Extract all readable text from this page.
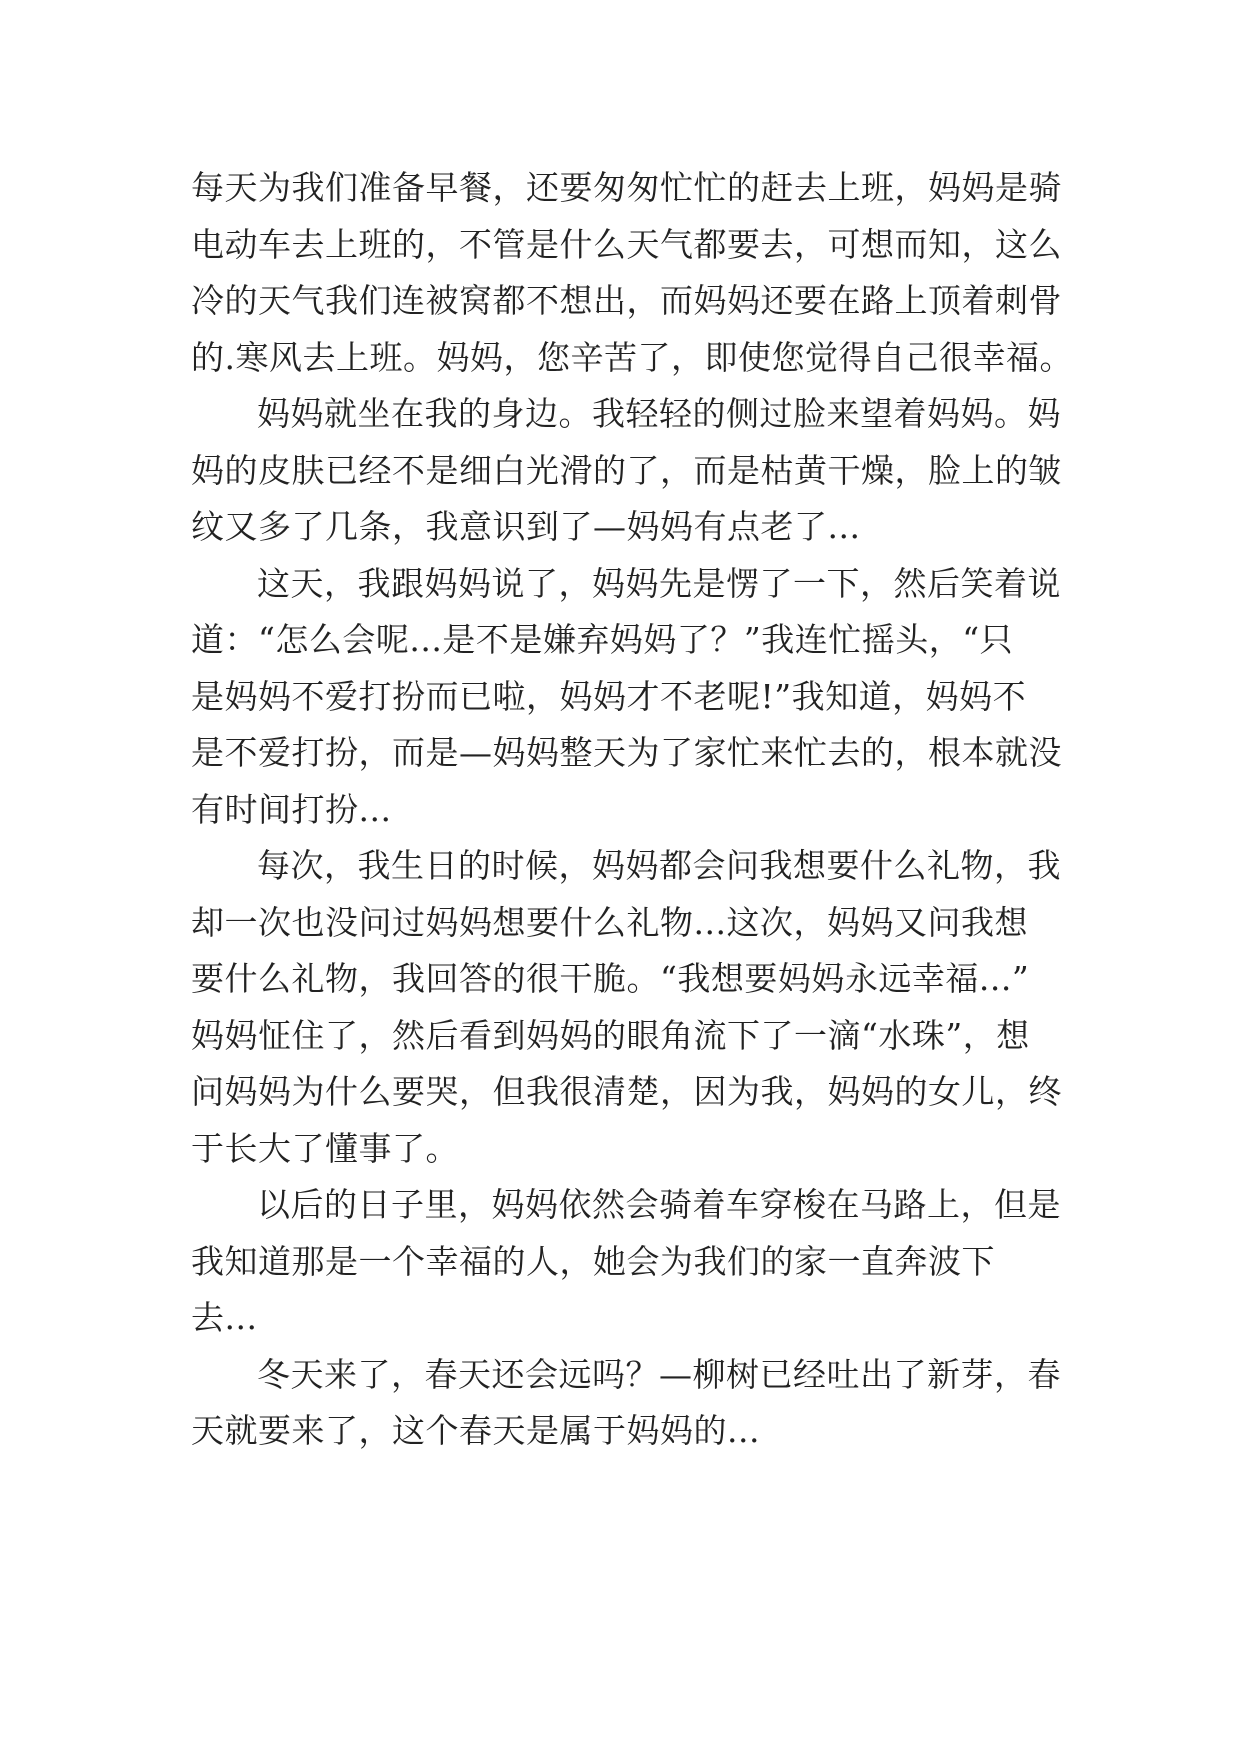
每天为我们准备早餐，还要匆匆忙忙的赶去上班，妈妈是骑
电动车去上班的，不管是什么天气都要去，可想而知，这么
冷的天气我们连被窝都不想出，而妈妈还要在路上顶着刺骨
的.寒风去上班。妈妈，您辛苦了，即使您觉得自己很幸福。
妈妈就坐在我的身边。我轻轻的侧过脸来望着妈妈。妈
妈的皮肤已经不是细白光滑的了，而是枯黄干燥，脸上的皱
纹又多了几条，我意识到了—妈妈有点老了...
这天，我跟妈妈说了，妈妈先是愣了一下，然后笑着说
道：“怎么会呢...是不是嫌弃妈妈了？”我连忙摇头，“只
是妈妈不爱打扮而已啦，妈妈才不老呢!”我知道，妈妈不
是不爱打扮，而是—妈妈整天为了家忙来忙去的，根本就没
有时间打扮...
每次，我生日的时候，妈妈都会问我想要什么礼物，我
却一次也没问过妈妈想要什么礼物...这次，妈妈又问我想
要什么礼物，我回答的很干脆。“我想要妈妈永远幸福...”
妈妈怔住了，然后看到妈妈的眼角流下了一滴“水珠”，想
问妈妈为什么要哭，但我很清楚，因为我，妈妈的女儿，终
于长大了懂事了。
以后的日子里，妈妈依然会骑着车穿梭在马路上，但是
我知道那是一个幸福的人，她会为我们的家一直奔波下
去...
冬天来了，春天还会远吗？—柳树已经吐出了新芽，春
天就要来了，这个春天是属于妈妈的...
